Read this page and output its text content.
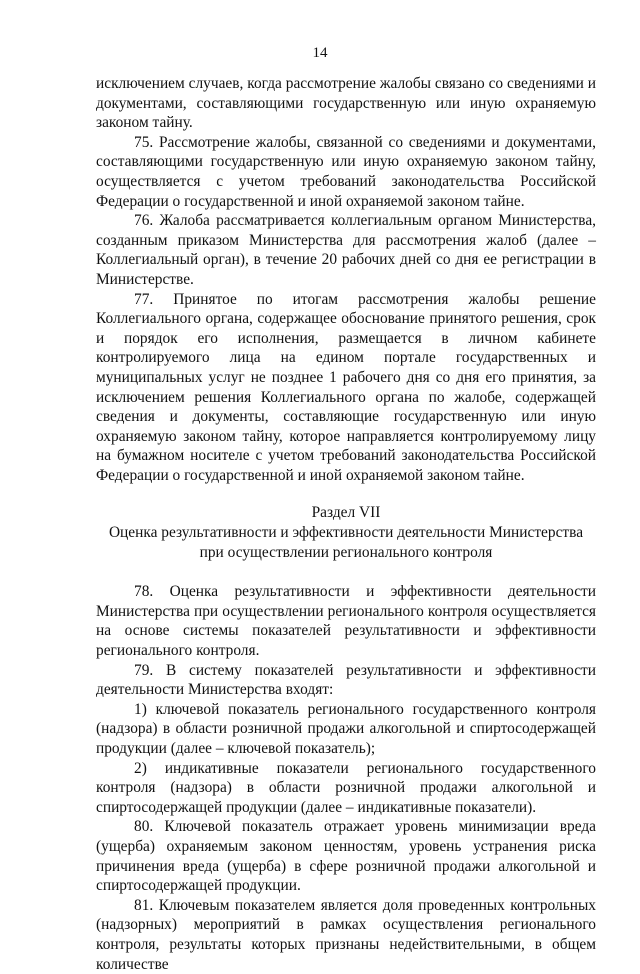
14

исключением случаев, когда рассмотрение жалобы связано со сведениями и документами, составляющими государственную или иную охраняемую законом тайну.

75. Рассмотрение жалобы, связанной со сведениями и документами, составляющими государственную или иную охраняемую законом тайну, осуществляется с учетом требований законодательства Российской Федерации о государственной и иной охраняемой законом тайне.

76. Жалоба рассматривается коллегиальным органом Министерства, созданным приказом Министерства для рассмотрения жалоб (далее – Коллегиальный орган), в течение 20 рабочих дней со дня ее регистрации в Министерстве.

77. Принятое по итогам рассмотрения жалобы решение Коллегиального органа, содержащее обоснование принятого решения, срок и порядок его исполнения, размещается в личном кабинете контролируемого лица на едином портале государственных и муниципальных услуг не позднее 1 рабочего дня со дня его принятия, за исключением решения Коллегиального органа по жалобе, содержащей сведения и документы, составляющие государственную или иную охраняемую законом тайну, которое направляется контролируемому лицу на бумажном носителе с учетом требований законодательства Российской Федерации о государственной и иной охраняемой законом тайне.

Раздел VII
Оценка результативности и эффективности деятельности Министерства
при осуществлении регионального контроля

78. Оценка результативности и эффективности деятельности Министерства при осуществлении регионального контроля осуществляется на основе системы показателей результативности и эффективности регионального контроля.

79. В систему показателей результативности и эффективности деятельности Министерства входят:

1) ключевой показатель регионального государственного контроля (надзора) в области розничной продажи алкогольной и спиртосодержащей продукции (далее – ключевой показатель);

2) индикативные показатели регионального государственного контроля (надзора) в области розничной продажи алкогольной и спиртосодержащей продукции (далее – индикативные показатели).

80. Ключевой показатель отражает уровень минимизации вреда (ущерба) охраняемым законом ценностям, уровень устранения риска причинения вреда (ущерба) в сфере розничной продажи алкогольной и спиртосодержащей продукции.

81. Ключевым показателем является доля проведенных контрольных (надзорных) мероприятий в рамках осуществления регионального контроля, результаты которых признаны недействительными, в общем количестве
